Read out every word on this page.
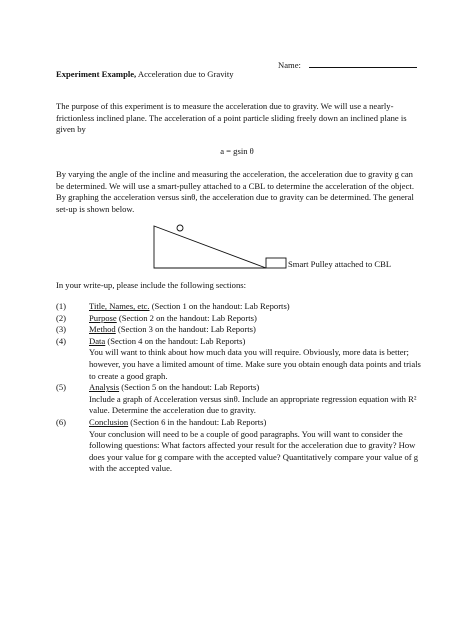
Name:
Experiment Example, Acceleration due to Gravity
The purpose of this experiment is to measure the acceleration due to gravity. We will use a nearly-frictionless inclined plane. The acceleration of a point particle sliding freely down an inclined plane is given by
a = gsin θ
By varying the angle of the incline and measuring the acceleration, the acceleration due to gravity g can be determined. We will use a smart-pulley attached to a CBL to determine the acceleration of the object. By graphing the acceleration versus sinθ, the acceleration due to gravity can be determined. The general set-up is shown below.
Smart Pulley attached to CBL
In your write-up, please include the following sections:
(1)	Title, Names, etc. (Section 1 on the handout: Lab Reports)
(2)	Purpose (Section 2 on the handout: Lab Reports)
(3)	Method (Section 3 on the handout: Lab Reports)
(4)	Data (Section 4 on the handout: Lab Reports)
You will want to think about how much data you will require. Obviously, more data is better; however, you have a limited amount of time. Make sure you obtain enough data points and trials to create a good graph.
(5)	Analysis (Section 5 on the handout: Lab Reports)
Include a graph of Acceleration versus sinθ. Include an appropriate regression equation with R² value. Determine the acceleration due to gravity.
(6)	Conclusion (Section 6 in the handout: Lab Reports)
Your conclusion will need to be a couple of good paragraphs. You will want to consider the following questions: What factors affected your result for the acceleration due to gravity? How does your value for g compare with the accepted value? Quantitatively compare your value of g with the accepted value.
